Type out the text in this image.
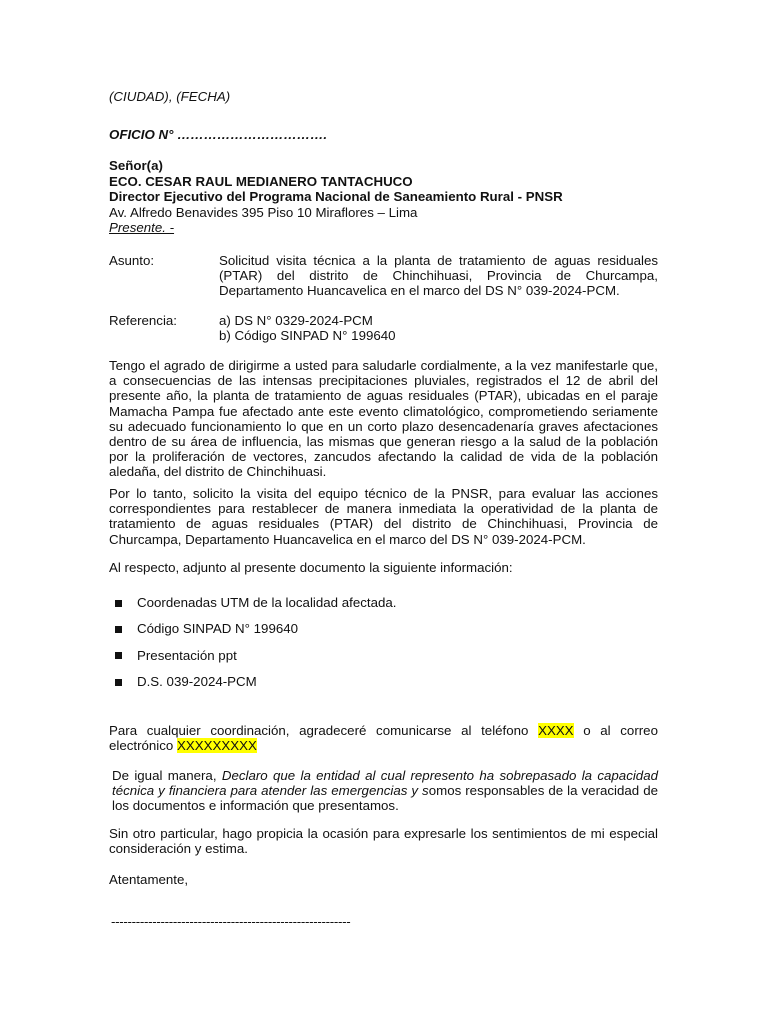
(CIUDAD), (FECHA)
OFICIO N° …………………………….
Señor(a)
ECO. CESAR RAUL MEDIANERO TANTACHUCO
Director Ejecutivo del Programa Nacional de Saneamiento Rural - PNSR
Av. Alfredo Benavides 395 Piso 10 Miraflores – Lima
Presente. -
Asunto:	Solicitud visita técnica a la planta de tratamiento de aguas residuales (PTAR) del distrito de Chinchihuasi, Provincia de Churcampa, Departamento Huancavelica en el marco del DS N° 039-2024-PCM.
Referencia:	a) DS N° 0329-2024-PCM
b) Código SINPAD N° 199640
Tengo el agrado de dirigirme a usted para saludarle cordialmente, a la vez manifestarle que, a consecuencias de las intensas precipitaciones pluviales, registrados el 12 de abril del presente año, la planta de tratamiento de aguas residuales (PTAR), ubicadas en el paraje Mamacha Pampa fue afectado ante este evento climatológico, comprometiendo seriamente su adecuado funcionamiento lo que en un corto plazo desencadenaría graves afectaciones dentro de su área de influencia, las mismas que generan riesgo a la salud de la población por la proliferación de vectores, zancudos afectando la calidad de vida de la población aledaña, del distrito de Chinchihuasi.
Por lo tanto, solicito la visita del equipo técnico de la PNSR, para evaluar las acciones correspondientes para restablecer de manera inmediata la operatividad de la planta de tratamiento de aguas residuales (PTAR) del distrito de Chinchihuasi, Provincia de Churcampa, Departamento Huancavelica en el marco del DS N° 039-2024-PCM.
Al respecto, adjunto al presente documento la siguiente información:
Coordenadas UTM de la localidad afectada.
Código SINPAD N° 199640
Presentación ppt
D.S. 039-2024-PCM
Para cualquier coordinación, agradeceré comunicarse al teléfono XXXX o al correo electrónico XXXXXXXXX
De igual manera, Declaro que la entidad al cual represento ha sobrepasado la capacidad técnica y financiera para atender las emergencias y somos responsables de la veracidad de los documentos e información que presentamos.
Sin otro particular, hago propicia la ocasión para expresarle los sentimientos de mi especial consideración y estima.
Atentamente,
----------------------------------------------------------
